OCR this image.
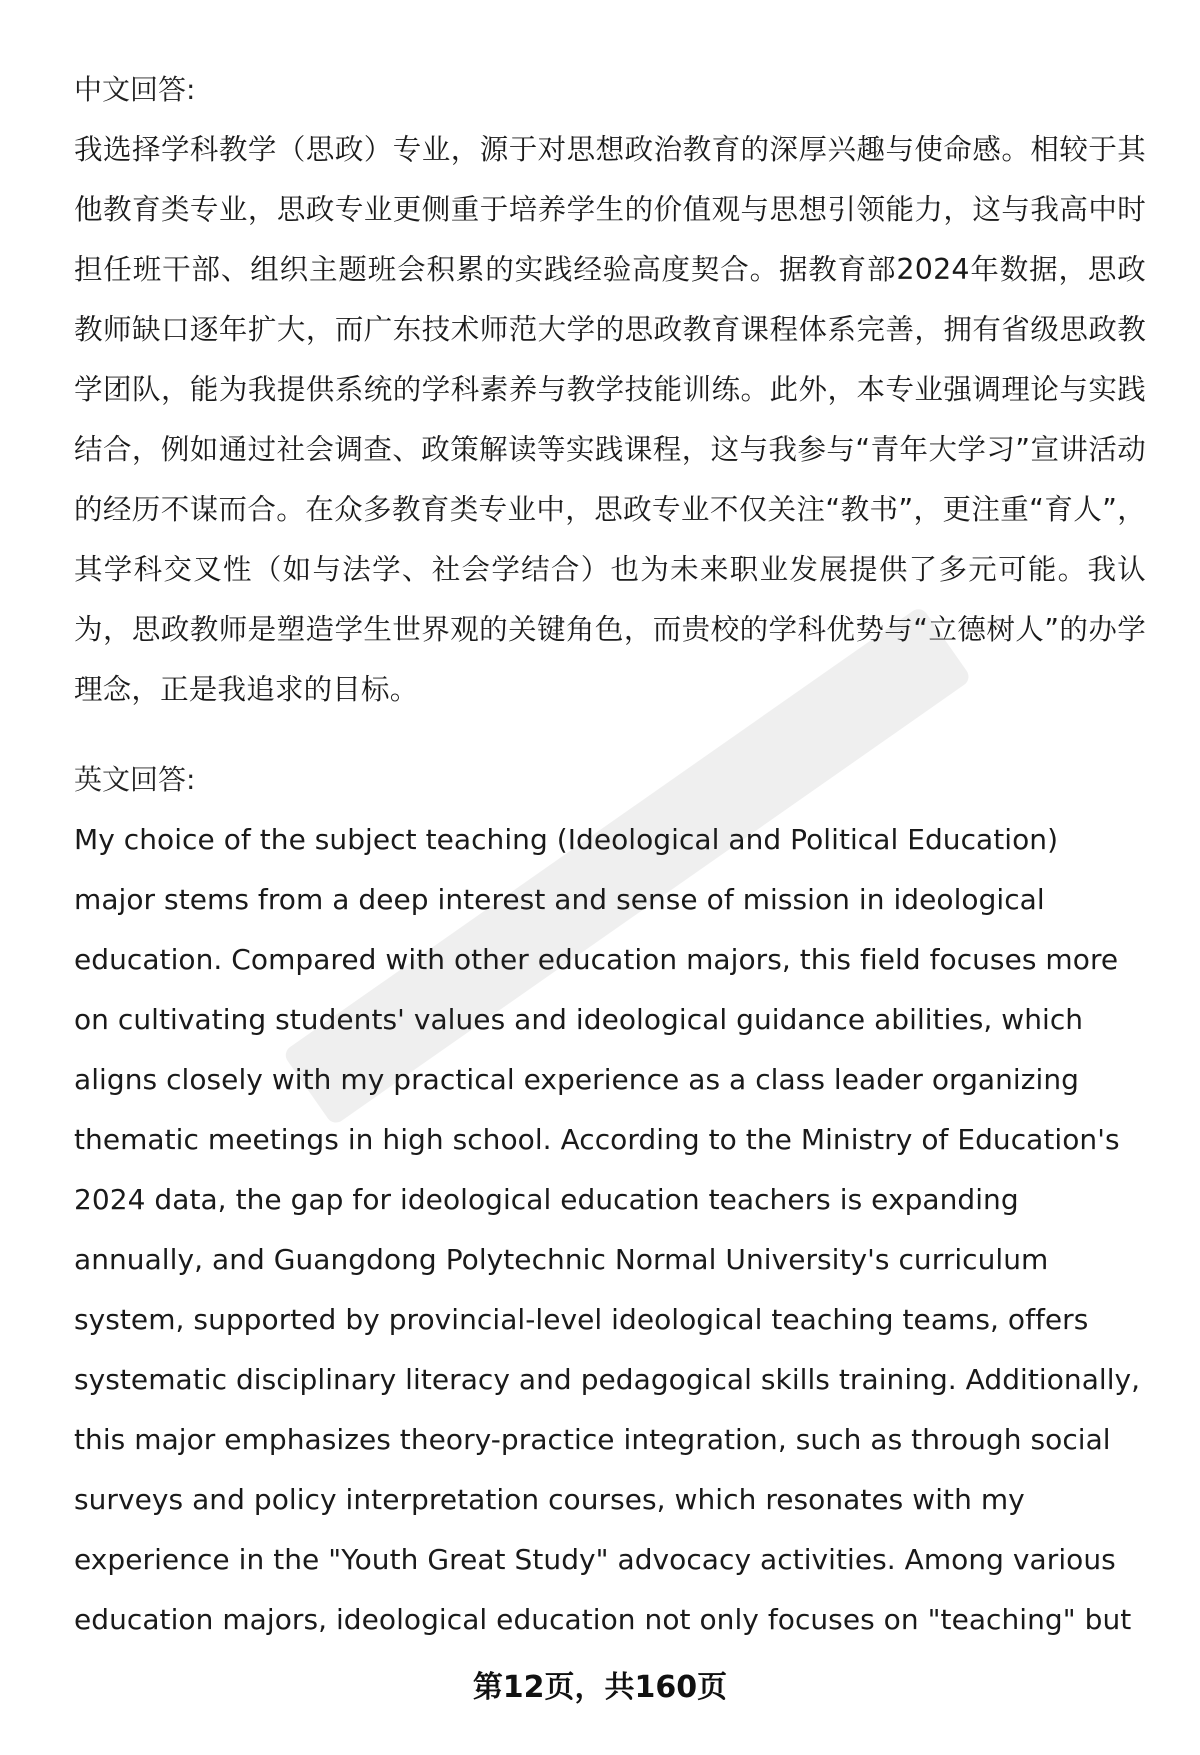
中文回答:

我选择学科教学（思政）专业，源于对思想政治教育的深厚兴趣与使命感。相较于其他教育类专业，思政专业更侧重于培养学生的价值观与思想引领能力，这与我高中时担任班干部、组织主题班会积累的实践经验高度契合。据教育部2024年数据，思政教师缺口逐年扩大，而广东技术师范大学的思政教育课程体系完善，拥有省级思政教学团队，能为我提供系统的学科素养与教学技能训练。此外，本专业强调理论与实践结合，例如通过社会调查、政策解读等实践课程，这与我参与“青年大学习”宣讲活动的经历不谋而合。在众多教育类专业中，思政专业不仅关注“教书”，更注重“育人”，其学科交叉性（如与法学、社会学结合）也为未来职业发展提供了多元可能。我认为，思政教师是塑造学生世界观的关键角色，而贵校的学科优势与“立德树人”的办学理念，正是我追求的目标。

英文回答:

My choice of the subject teaching (Ideological and Political Education) major stems from a deep interest and sense of mission in ideological education. Compared with other education majors, this field focuses more on cultivating students' values and ideological guidance abilities, which aligns closely with my practical experience as a class leader organizing thematic meetings in high school. According to the Ministry of Education's 2024 data, the gap for ideological education teachers is expanding annually, and Guangdong Polytechnic Normal University's curriculum system, supported by provincial-level ideological teaching teams, offers systematic disciplinary literacy and pedagogical skills training. Additionally, this major emphasizes theory-practice integration, such as through social surveys and policy interpretation courses, which resonates with my experience in the "Youth Great Study" advocacy activities. Among various education majors, ideological education not only focuses on "teaching" but

第12页，共160页
